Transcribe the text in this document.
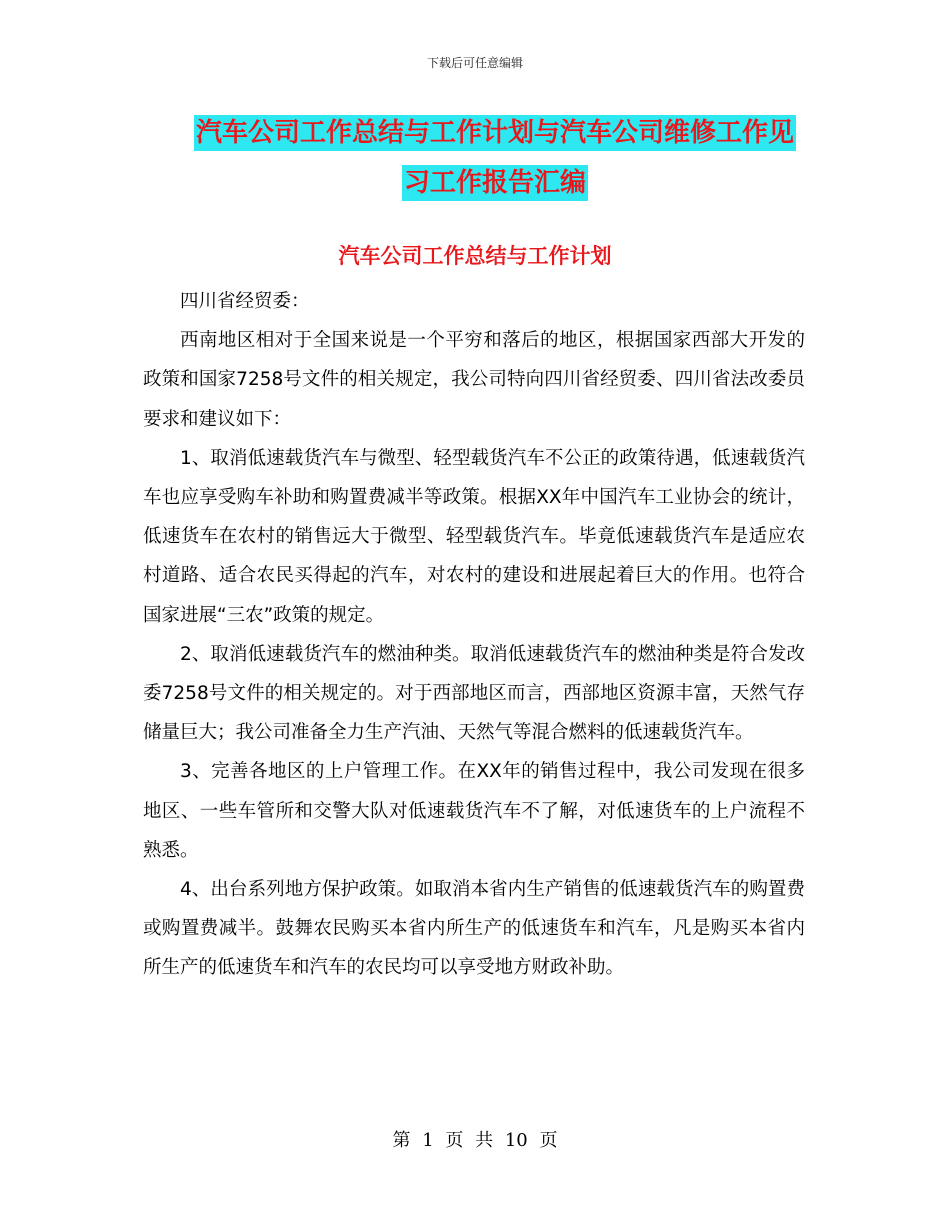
下载后可任意编辑
汽车公司工作总结与工作计划与汽车公司维修工作见
习工作报告汇编
汽车公司工作总结与工作计划

四川省经贸委：

西南地区相对于全国来说是一个平穷和落后的地区，根据国家西部大开发的政策和国家7258号文件的相关规定，我公司特向四川省经贸委、四川省法改委员要求和建议如下：

1、取消低速载货汽车与微型、轻型载货汽车不公正的政策待遇，低速载货汽车也应享受购车补助和购置费减半等政策。根据XX年中国汽车工业协会的统计，低速货车在农村的销售远大于微型、轻型载货汽车。毕竟低速载货汽车是适应农村道路、适合农民买得起的汽车，对农村的建设和进展起着巨大的作用。也符合国家进展“三农”政策的规定。

2、取消低速载货汽车的燃油种类。取消低速载货汽车的燃油种类是符合发改委7258号文件的相关规定的。对于西部地区而言，西部地区资源丰富，天然气存储量巨大；我公司准备全力生产汽油、天然气等混合燃料的低速载货汽车。

3、完善各地区的上户管理工作。在XX年的销售过程中，我公司发现在很多地区、一些车管所和交警大队对低速载货汽车不了解，对低速货车的上户流程不熟悉。

4、出台系列地方保护政策。如取消本省内生产销售的低速载货汽车的购置费或购置费减半。鼓舞农民购买本省内所生产的低速货车和汽车，凡是购买本省内所生产的低速货车和汽车的农民均可以享受地方财政补助。

第 1 页 共 10 页
